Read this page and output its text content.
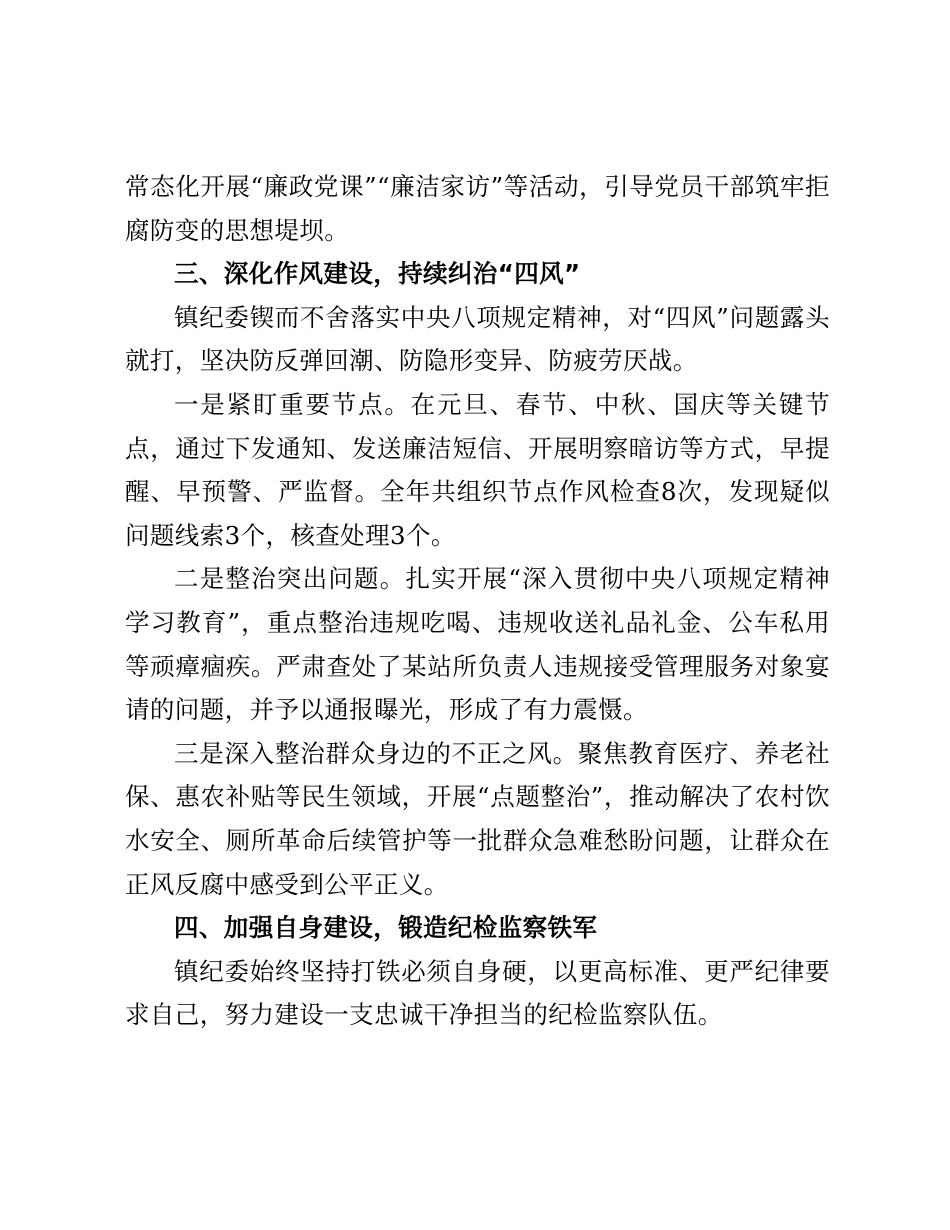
常态化开展“廉政党课”“廉洁家访”等活动，引导党员干部筑牢拒腐防变的思想堤坝。

三、深化作风建设，持续纠治“四风”

镇纪委锲而不舍落实中央八项规定精神，对“四风”问题露头就打，坚决防反弹回潮、防隐形变异、防疲劳厌战。

一是紧盯重要节点。在元旦、春节、中秋、国庆等关键节点，通过下发通知、发送廉洁短信、开展明察暗访等方式，早提醒、早预警、严监督。全年共组织节点作风检查8次，发现疑似问题线索3个，核查处理3个。

二是整治突出问题。扎实开展“深入贯彻中央八项规定精神学习教育”，重点整治违规吃喝、违规收送礼品礼金、公车私用等顽瘴痼疾。严肃查处了某站所负责人违规接受管理服务对象宴请的问题，并予以通报曝光，形成了有力震慑。

三是深入整治群众身边的不正之风。聚焦教育医疗、养老社保、惠农补贴等民生领域，开展“点题整治”，推动解决了农村饮水安全、厕所革命后续管护等一批群众急难愁盼问题，让群众在正风反腐中感受到公平正义。

四、加强自身建设，锻造纪检监察铁军

镇纪委始终坚持打铁必须自身硬，以更高标准、更严纪律要求自己，努力建设一支忠诚干净担当的纪检监察队伍。
